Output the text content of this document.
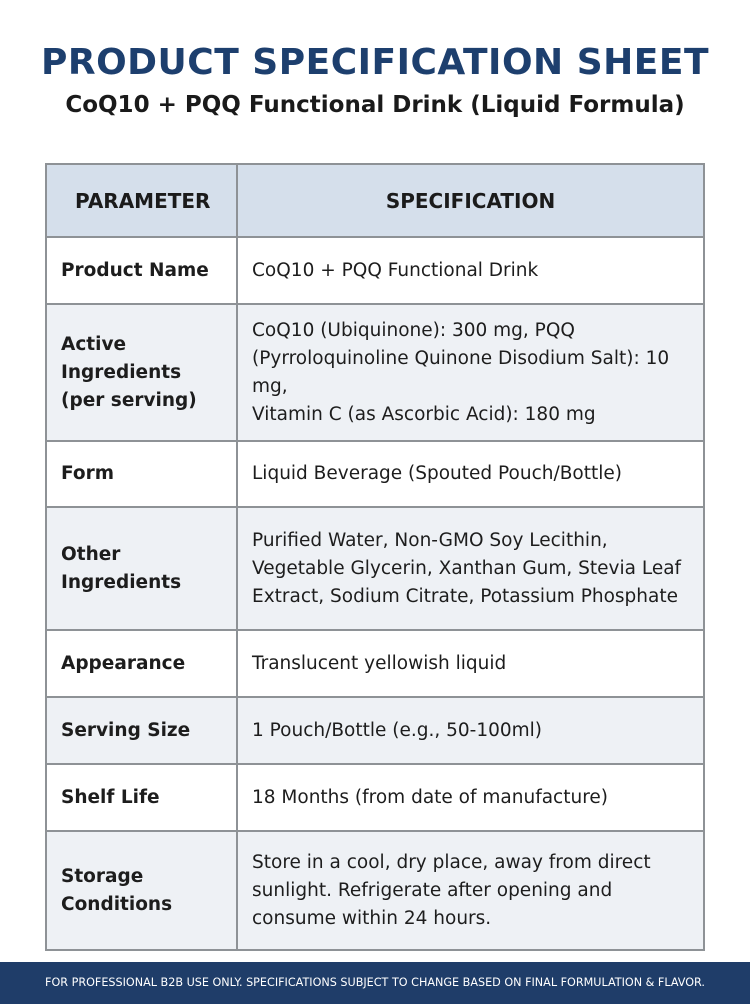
PRODUCT SPECIFICATION SHEET
CoQ10 + PQQ Functional Drink (Liquid Formula)
PARAMETER	SPECIFICATION
Product Name	CoQ10 + PQQ Functional Drink
Active Ingredients (per serving)	CoQ10 (Ubiquinone): 300 mg, PQQ (Pyrroloquinoline Quinone Disodium Salt): 10 mg,
Vitamin C (as Ascorbic Acid): 180 mg
Form	Liquid Beverage (Spouted Pouch/Bottle)
Other Ingredients	Purified Water, Non-GMO Soy Lecithin, Vegetable Glycerin, Xanthan Gum, Stevia Leaf Extract, Sodium Citrate, Potassium Phosphate
Appearance	Translucent yellowish liquid
Serving Size	1 Pouch/Bottle (e.g., 50-100ml)
Shelf Life	18 Months (from date of manufacture)
Storage Conditions	Store in a cool, dry place, away from direct sunlight. Refrigerate after opening and consume within 24 hours.
FOR PROFESSIONAL B2B USE ONLY. SPECIFICATIONS SUBJECT TO CHANGE BASED ON FINAL FORMULATION & FLAVOR.
